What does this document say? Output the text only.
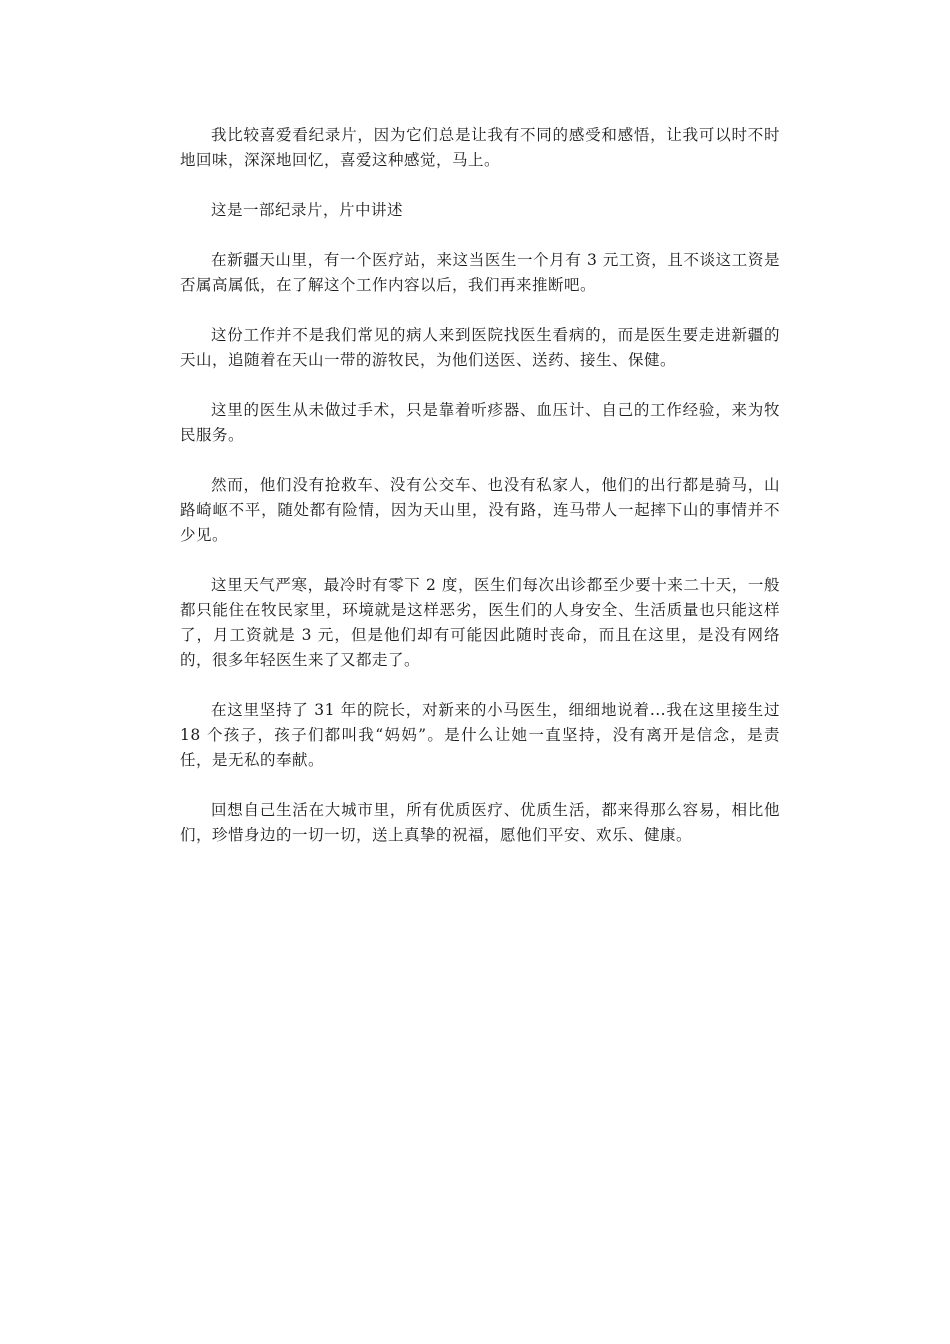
我比较喜爱看纪录片，因为它们总是让我有不同的感受和感悟，让我可以时不时地回味，深深地回忆，喜爱这种感觉，马上。

这是一部纪录片，片中讲述

在新疆天山里，有一个医疗站，来这当医生一个月有 3 元工资，且不谈这工资是否属高属低，在了解这个工作内容以后，我们再来推断吧。

这份工作并不是我们常见的病人来到医院找医生看病的，而是医生要走进新疆的天山，追随着在天山一带的游牧民，为他们送医、送药、接生、保健。

这里的医生从未做过手术，只是靠着听疹器、血压计、自己的工作经验，来为牧民服务。

然而，他们没有抢救车、没有公交车、也没有私家人，他们的出行都是骑马，山路崎岖不平，随处都有险情，因为天山里，没有路，连马带人一起摔下山的事情并不少见。

这里天气严寒，最冷时有零下 2 度，医生们每次出诊都至少要十来二十天，一般都只能住在牧民家里，环境就是这样恶劣，医生们的人身安全、生活质量也只能这样了，月工资就是 3 元，但是他们却有可能因此随时丧命，而且在这里，是没有网络的，很多年轻医生来了又都走了。

在这里坚持了 31 年的院长，对新来的小马医生，细细地说着...我在这里接生过 18 个孩子，孩子们都叫我“妈妈”。是什么让她一直坚持，没有离开是信念，是责任，是无私的奉献。

回想自己生活在大城市里，所有优质医疗、优质生活，都来得那么容易，相比他们，珍惜身边的一切一切，送上真挚的祝福，愿他们平安、欢乐、健康。
